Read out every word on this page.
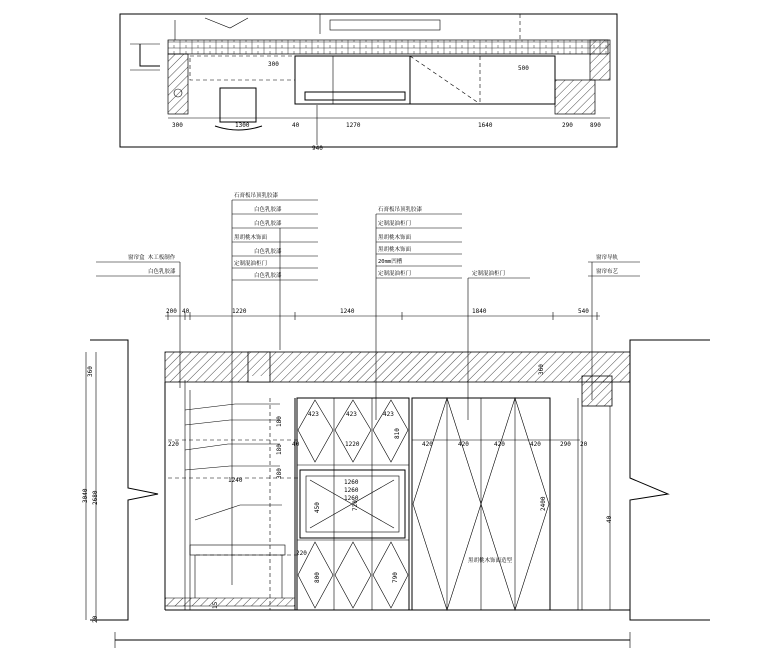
300	1300	40	1270	1640	290	890
940
300
500
石膏板吊顶乳胶漆
白色乳胶漆
白色乳胶漆
黑胡桃木饰面
白色乳胶漆
定制混油柜门
白色乳胶漆
窗帘盒 木工板制作
白色乳胶漆
石膏板吊顶乳胶漆
定制混油柜门
黑胡桃木饰面
黑胡桃木饰面
20mm凹槽
定制混油柜门	定制混油柜门
窗帘导轨
窗帘布艺
200 40	1220	1240	1840	540
360
2680
3040
20
423	423	423
40	1220	420	420	420	420	290 20
220
180
1240
380
180
450
220
720
810
790
800
2400
360
40
15
1260
1260
1260
黑胡桃木饰面造型
